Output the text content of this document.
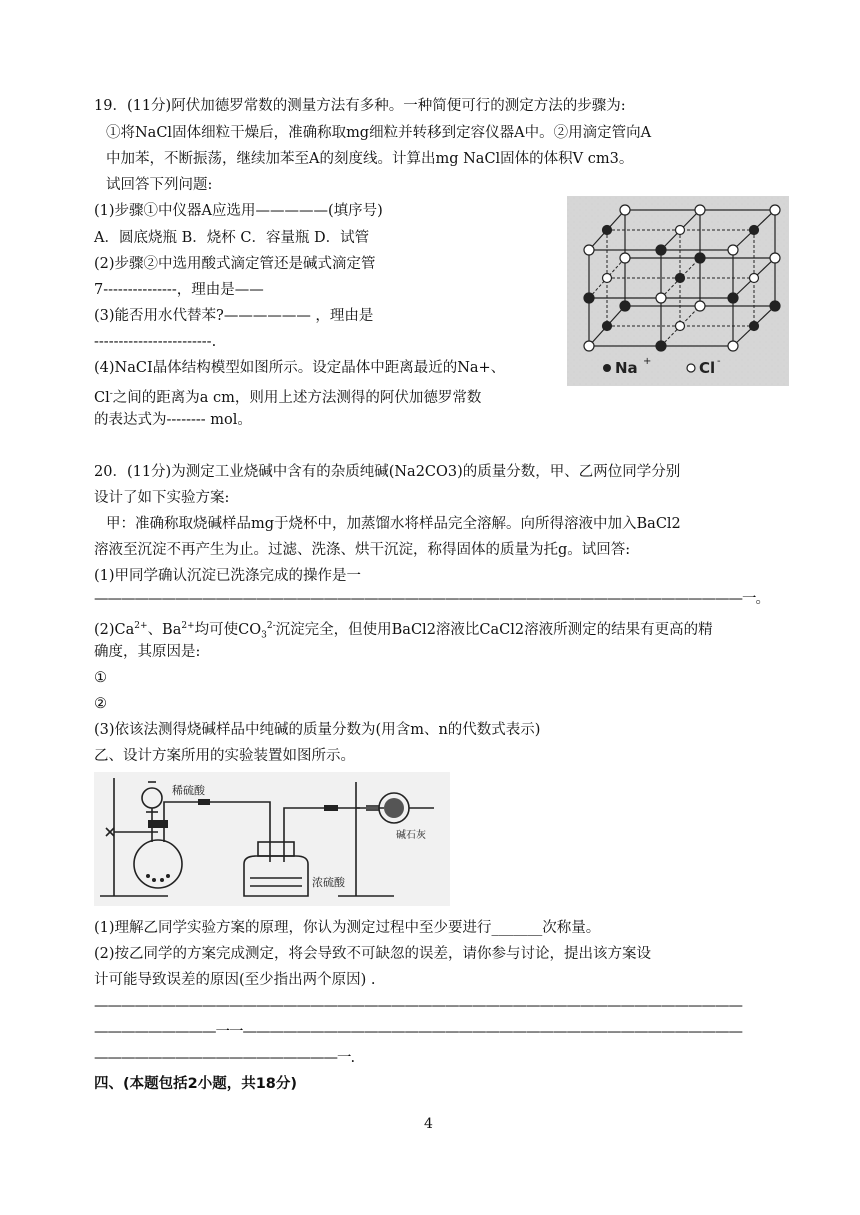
19．(11分)阿伏加德罗常数的测量方法有多种。一种简便可行的测定方法的步骤为:
①将NaCl固体细粒干燥后，准确称取mg细粒并转移到定容仪器A中。②用滴定管向A
中加苯，不断振荡，继续加苯至A的刻度线。计算出mg NaCl固体的体积V cm3。
试回答下列问题:
(1)步骤①中仪器A应选用—————(填序号)
A．圆底烧瓶 B．烧杯 C．容量瓶 D．试管
(2)步骤②中选用酸式滴定管还是碱式滴定管
7---------------，理由是——
(3)能否用水代替苯?—————— ，理由是
------------------------.
(4)NaCI晶体结构模型如图所示。设定晶体中距离最近的Na+、
Cl-之间的距离为a cm，则用上述方法测得的阿伏加德罗常数
的表达式为-------- mol。
Na +	Cl -
20．(11分)为测定工业烧碱中含有的杂质纯碱(Na2CO3)的质量分数，甲、乙两位同学分别
设计了如下实验方案:
甲：准确称取烧碱样品mg于烧杯中，加蒸馏水将样品完全溶解。向所得溶液中加入BaCl2
溶液至沉淀不再产生为止。过滤、洗涤、烘干沉淀，称得固体的质量为托g。试回答:
(1)甲同学确认沉淀已洗涤完成的操作是一
————————————————————————————————————————————————一。
$(2)Ca^{2+}$、$Ba^{2+}$均可使$CO_3^{2-}$沉淀完全，但使用BaCl2溶液比CaCl2溶液所测定的结果有更高的精
确度，其原因是:
①
②
(3)依该法测得烧碱样品中纯碱的质量分数为(用含m、n的代数式表示)
乙、设计方案所用的实验装置如图所示。
稀硫酸
浓硫酸
碱石灰
(1)理解乙同学实验方案的原理，你认为测定过程中至少要进行_______次称量。
(2)按乙同学的方案完成测定，将会导致不可缺忽的误差，请你参与讨论，提出该方案设
计可能导致误差的原因(至少指出两个原因) .
————————————————————————————————————————————————
—————————一一—————————————————————————————————————
——————————————————一.
四、(本题包括2小题，共18分)
4
